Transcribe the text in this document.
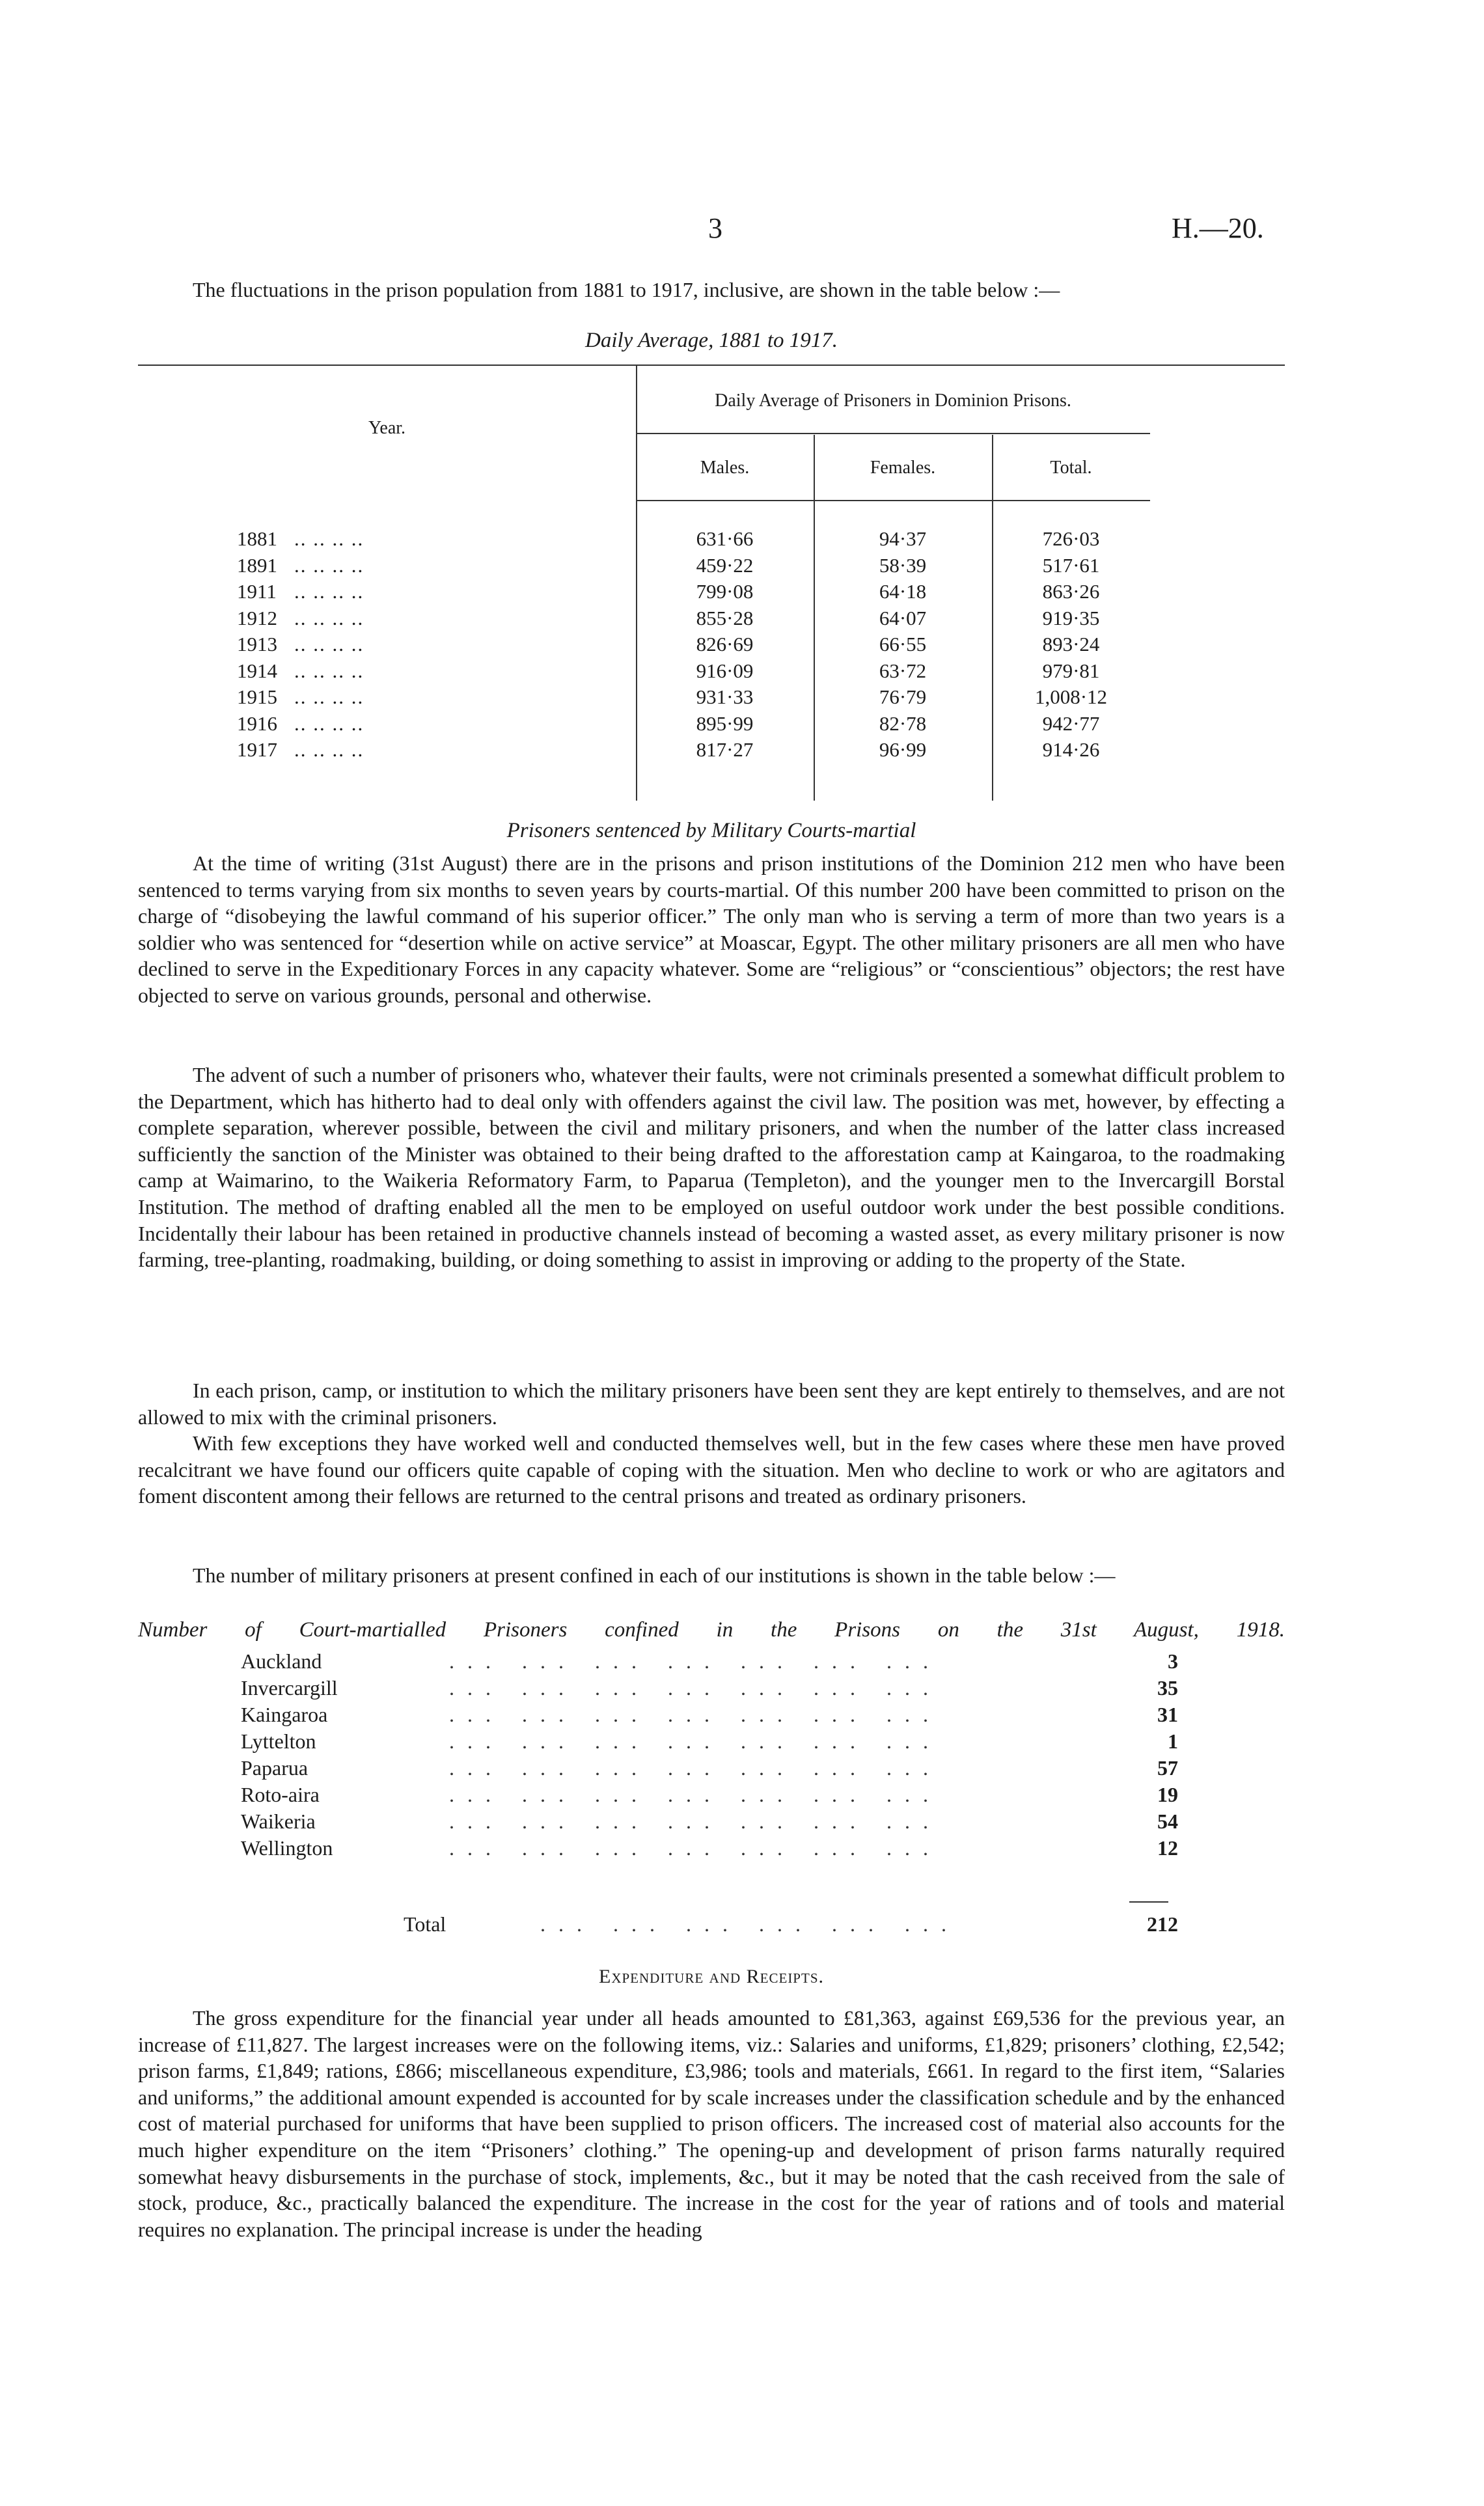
3	H.—20.

The fluctuations in the prison population from 1881 to 1917, inclusive, are shown in the table below :—

Daily Average, 1881 to 1917.
Year.
Daily Average of Prisoners in Dominion Prisons.
Males.	Females.	Total.
1881 .. .. .. ..	631·66	94·37	726·03
1891 .. .. .. ..	459·22	58·39	517·61
1911 .. .. .. ..	799·08	64·18	863·26
1912 .. .. .. ..	855·28	64·07	919·35
1913 .. .. .. ..	826·69	66·55	893·24
1914 .. .. .. ..	916·09	63·72	979·81
1915 .. .. .. ..	931·33	76·79	1,008·12
1916 .. .. .. ..	895·99	82·78	942·77
1917 .. .. .. ..	817·27	96·99	914·26
Prisoners sentenced by Military Courts-martial

At the time of writing (31st August) there are in the prisons and prison institutions of the Dominion 212 men who have been sentenced to terms varying from six months to seven years by courts-martial. Of this number 200 have been committed to prison on the charge of “disobeying the lawful command of his superior officer.” The only man who is serving a term of more than two years is a soldier who was sentenced for “desertion while on active service” at Moascar, Egypt. The other military prisoners are all men who have declined to serve in the Expeditionary Forces in any capacity whatever. Some are “religious” or “conscientious” objectors; the rest have objected to serve on various grounds, personal and otherwise.

The advent of such a number of prisoners who, whatever their faults, were not criminals presented a somewhat difficult problem to the Department, which has hitherto had to deal only with offenders against the civil law. The position was met, however, by effecting a complete separation, wherever possible, between the civil and military prisoners, and when the number of the latter class increased sufficiently the sanction of the Minister was obtained to their being drafted to the afforestation camp at Kaingaroa, to the roadmaking camp at Waimarino, to the Waikeria Reformatory Farm, to Paparua (Templeton), and the younger men to the Invercargill Borstal Institution. The method of drafting enabled all the men to be employed on useful outdoor work under the best possible conditions. Incidentally their labour has been retained in productive channels instead of becoming a wasted asset, as every military prisoner is now farming, tree-planting, roadmaking, building, or doing something to assist in improving or adding to the property of the State.

In each prison, camp, or institution to which the military prisoners have been sent they are kept entirely to themselves, and are not allowed to mix with the criminal prisoners.

With few exceptions they have worked well and conducted themselves well, but in the few cases where these men have proved recalcitrant we have found our officers quite capable of coping with the situation. Men who decline to work or who are agitators and foment discontent among their fellows are returned to the central prisons and treated as ordinary prisoners.

The number of military prisoners at present confined in each of our institutions is shown in the table below :—

Number of Court-martialled Prisoners confined in the Prisons on the 31st August, 1918.
Auckland	... ... ... ... ... ... ...	3
Invercargill	... ... ... ... ... ... ...	35
Kaingaroa	... ... ... ... ... ... ...	31
Lyttelton	... ... ... ... ... ... ...	1
Paparua	... ... ... ... ... ... ...	57
Roto-aira	... ... ... ... ... ... ...	19
Waikeria	... ... ... ... ... ... ...	54
Wellington	... ... ... ... ... ... ...	12
Total	... ... ... ... ... ...	212
Expenditure and Receipts.

The gross expenditure for the financial year under all heads amounted to £81,363, against £69,536 for the previous year, an increase of £11,827. The largest increases were on the following items, viz.: Salaries and uniforms, £1,829; prisoners’ clothing, £2,542; prison farms, £1,849; rations, £866; miscellaneous expenditure, £3,986; tools and materials, £661. In regard to the first item, “Salaries and uniforms,” the additional amount expended is accounted for by scale increases under the classification schedule and by the enhanced cost of material purchased for uniforms that have been supplied to prison officers. The increased cost of material also accounts for the much higher expenditure on the item “Prisoners’ clothing.” The opening-up and development of prison farms naturally required somewhat heavy disbursements in the purchase of stock, implements, &c., but it may be noted that the cash received from the sale of stock, produce, &c., practically balanced the expenditure. The increase in the cost for the year of rations and of tools and material requires no explanation. The principal increase is under the heading
